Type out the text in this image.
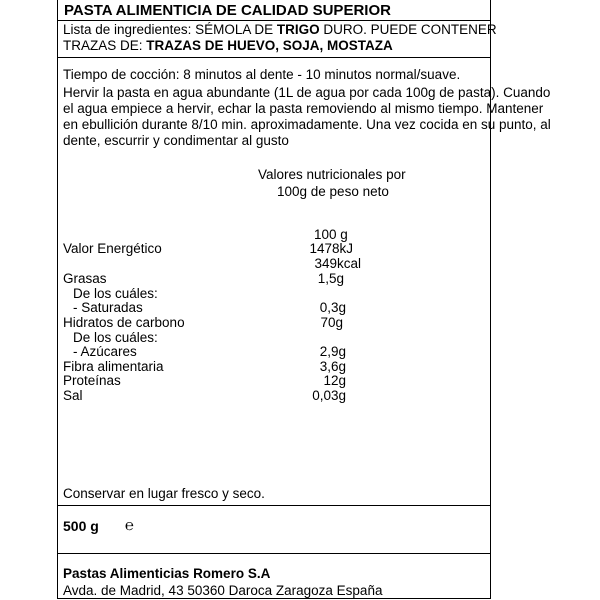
PASTA ALIMENTICIA DE CALIDAD SUPERIOR
Lista de ingredientes: SÉMOLA DE TRIGO DURO. PUEDE CONTENER
TRAZAS DE: TRAZAS DE HUEVO, SOJA, MOSTAZA
Tiempo de cocción: 8 minutos al dente - 10 minutos normal/suave.
Hervir la pasta en agua abundante (1L de agua por cada 100g de pasta). Cuando
el agua empiece a hervir, echar la pasta removiendo al mismo tiempo. Mantener
en ebullición durante 8/10 min. aproximadamente. Una vez cocida en su punto, al
dente, escurrir y condimentar al gusto
Valores nutricionales por
100g de peso neto
100 g
Valor Energético	1478kJ
349kcal
Grasas	1,5g
De los cuáles:
- Saturadas	0,3g
Hidratos de carbono	70g
De los cuáles:
- Azúcares	2,9g
Fibra alimentaria	3,6g
Proteínas	12g
Sal	0,03g
Conservar en lugar fresco y seco.
500 g ℮
Pastas Alimenticias Romero S.A
Avda. de Madrid, 43 50360 Daroca Zaragoza España
